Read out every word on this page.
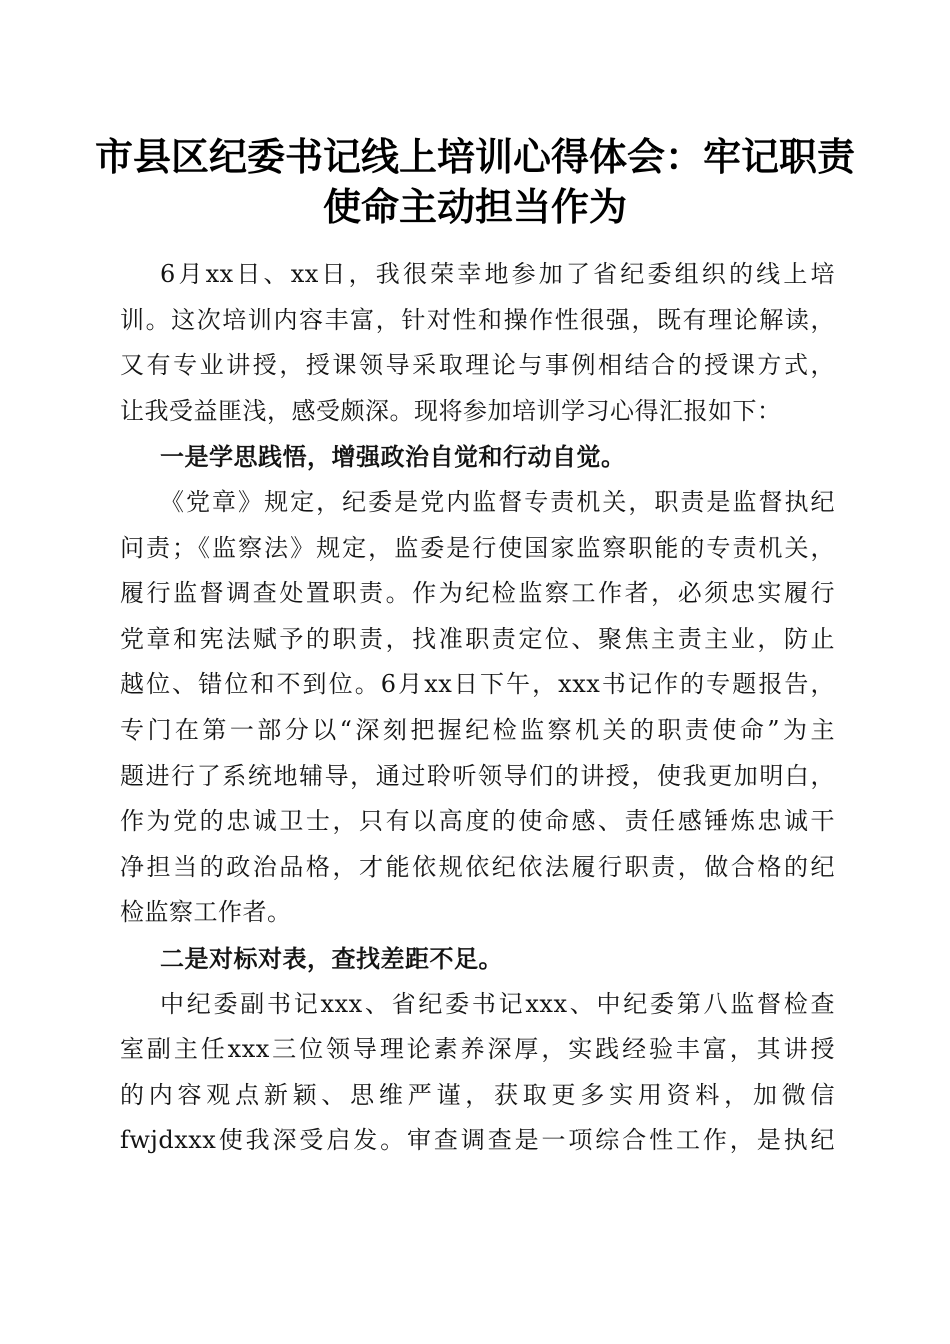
市县区纪委书记线上培训心得体会：牢记职责
使命主动担当作为
6月xx日、xx日，我很荣幸地参加了省纪委组织的线上培
训。这次培训内容丰富，针对性和操作性很强，既有理论解读，
又有专业讲授，授课领导采取理论与事例相结合的授课方式，
让我受益匪浅，感受颇深。现将参加培训学习心得汇报如下：
一是学思践悟，增强政治自觉和行动自觉。
《党章》规定，纪委是党内监督专责机关，职责是监督执纪
问责；《监察法》规定，监委是行使国家监察职能的专责机关，
履行监督调查处置职责。作为纪检监察工作者，必须忠实履行
党章和宪法赋予的职责，找准职责定位、聚焦主责主业，防止
越位、错位和不到位。6月xx日下午，xxx书记作的专题报告，
专门在第一部分以“深刻把握纪检监察机关的职责使命”为主
题进行了系统地辅导，通过聆听领导们的讲授，使我更加明白，
作为党的忠诚卫士，只有以高度的使命感、责任感锤炼忠诚干
净担当的政治品格，才能依规依纪依法履行职责，做合格的纪
检监察工作者。
二是对标对表，查找差距不足。
中纪委副书记xxx、省纪委书记xxx、中纪委第八监督检查
室副主任xxx三位领导理论素养深厚，实践经验丰富，其讲授
的内容观点新颖、思维严谨，获取更多实用资料，加微信
fwjdxxx使我深受启发。审查调查是一项综合性工作，是执纪
